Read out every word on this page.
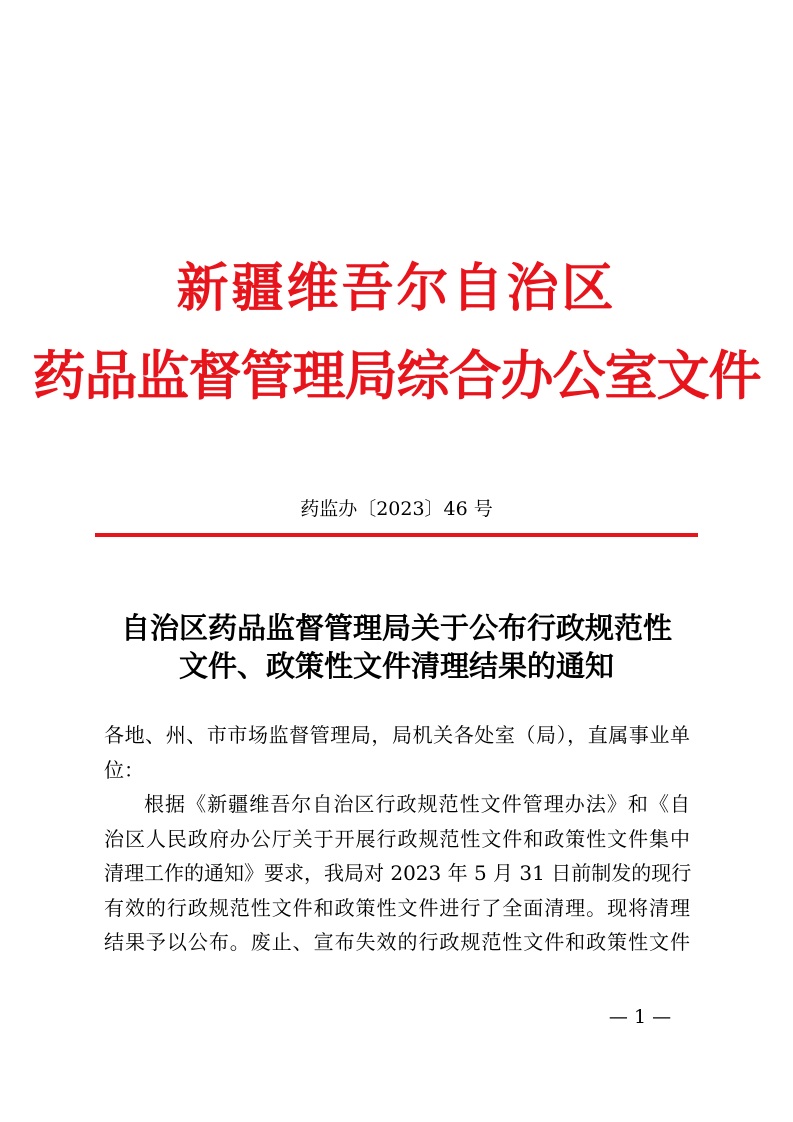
新疆维吾尔自治区
药品监督管理局综合办公室文件
药监办〔2023〕46 号
自治区药品监督管理局关于公布行政规范性
文件、政策性文件清理结果的通知
各地、州、市市场监督管理局，局机关各处室（局），直属事业单
位：
根据《新疆维吾尔自治区行政规范性文件管理办法》和《自
治区人民政府办公厅关于开展行政规范性文件和政策性文件集中
清理工作的通知》要求，我局对 2023 年 5 月 31 日前制发的现行
有效的行政规范性文件和政策性文件进行了全面清理。现将清理
结果予以公布。废止、宣布失效的行政规范性文件和政策性文件
— 1 —
